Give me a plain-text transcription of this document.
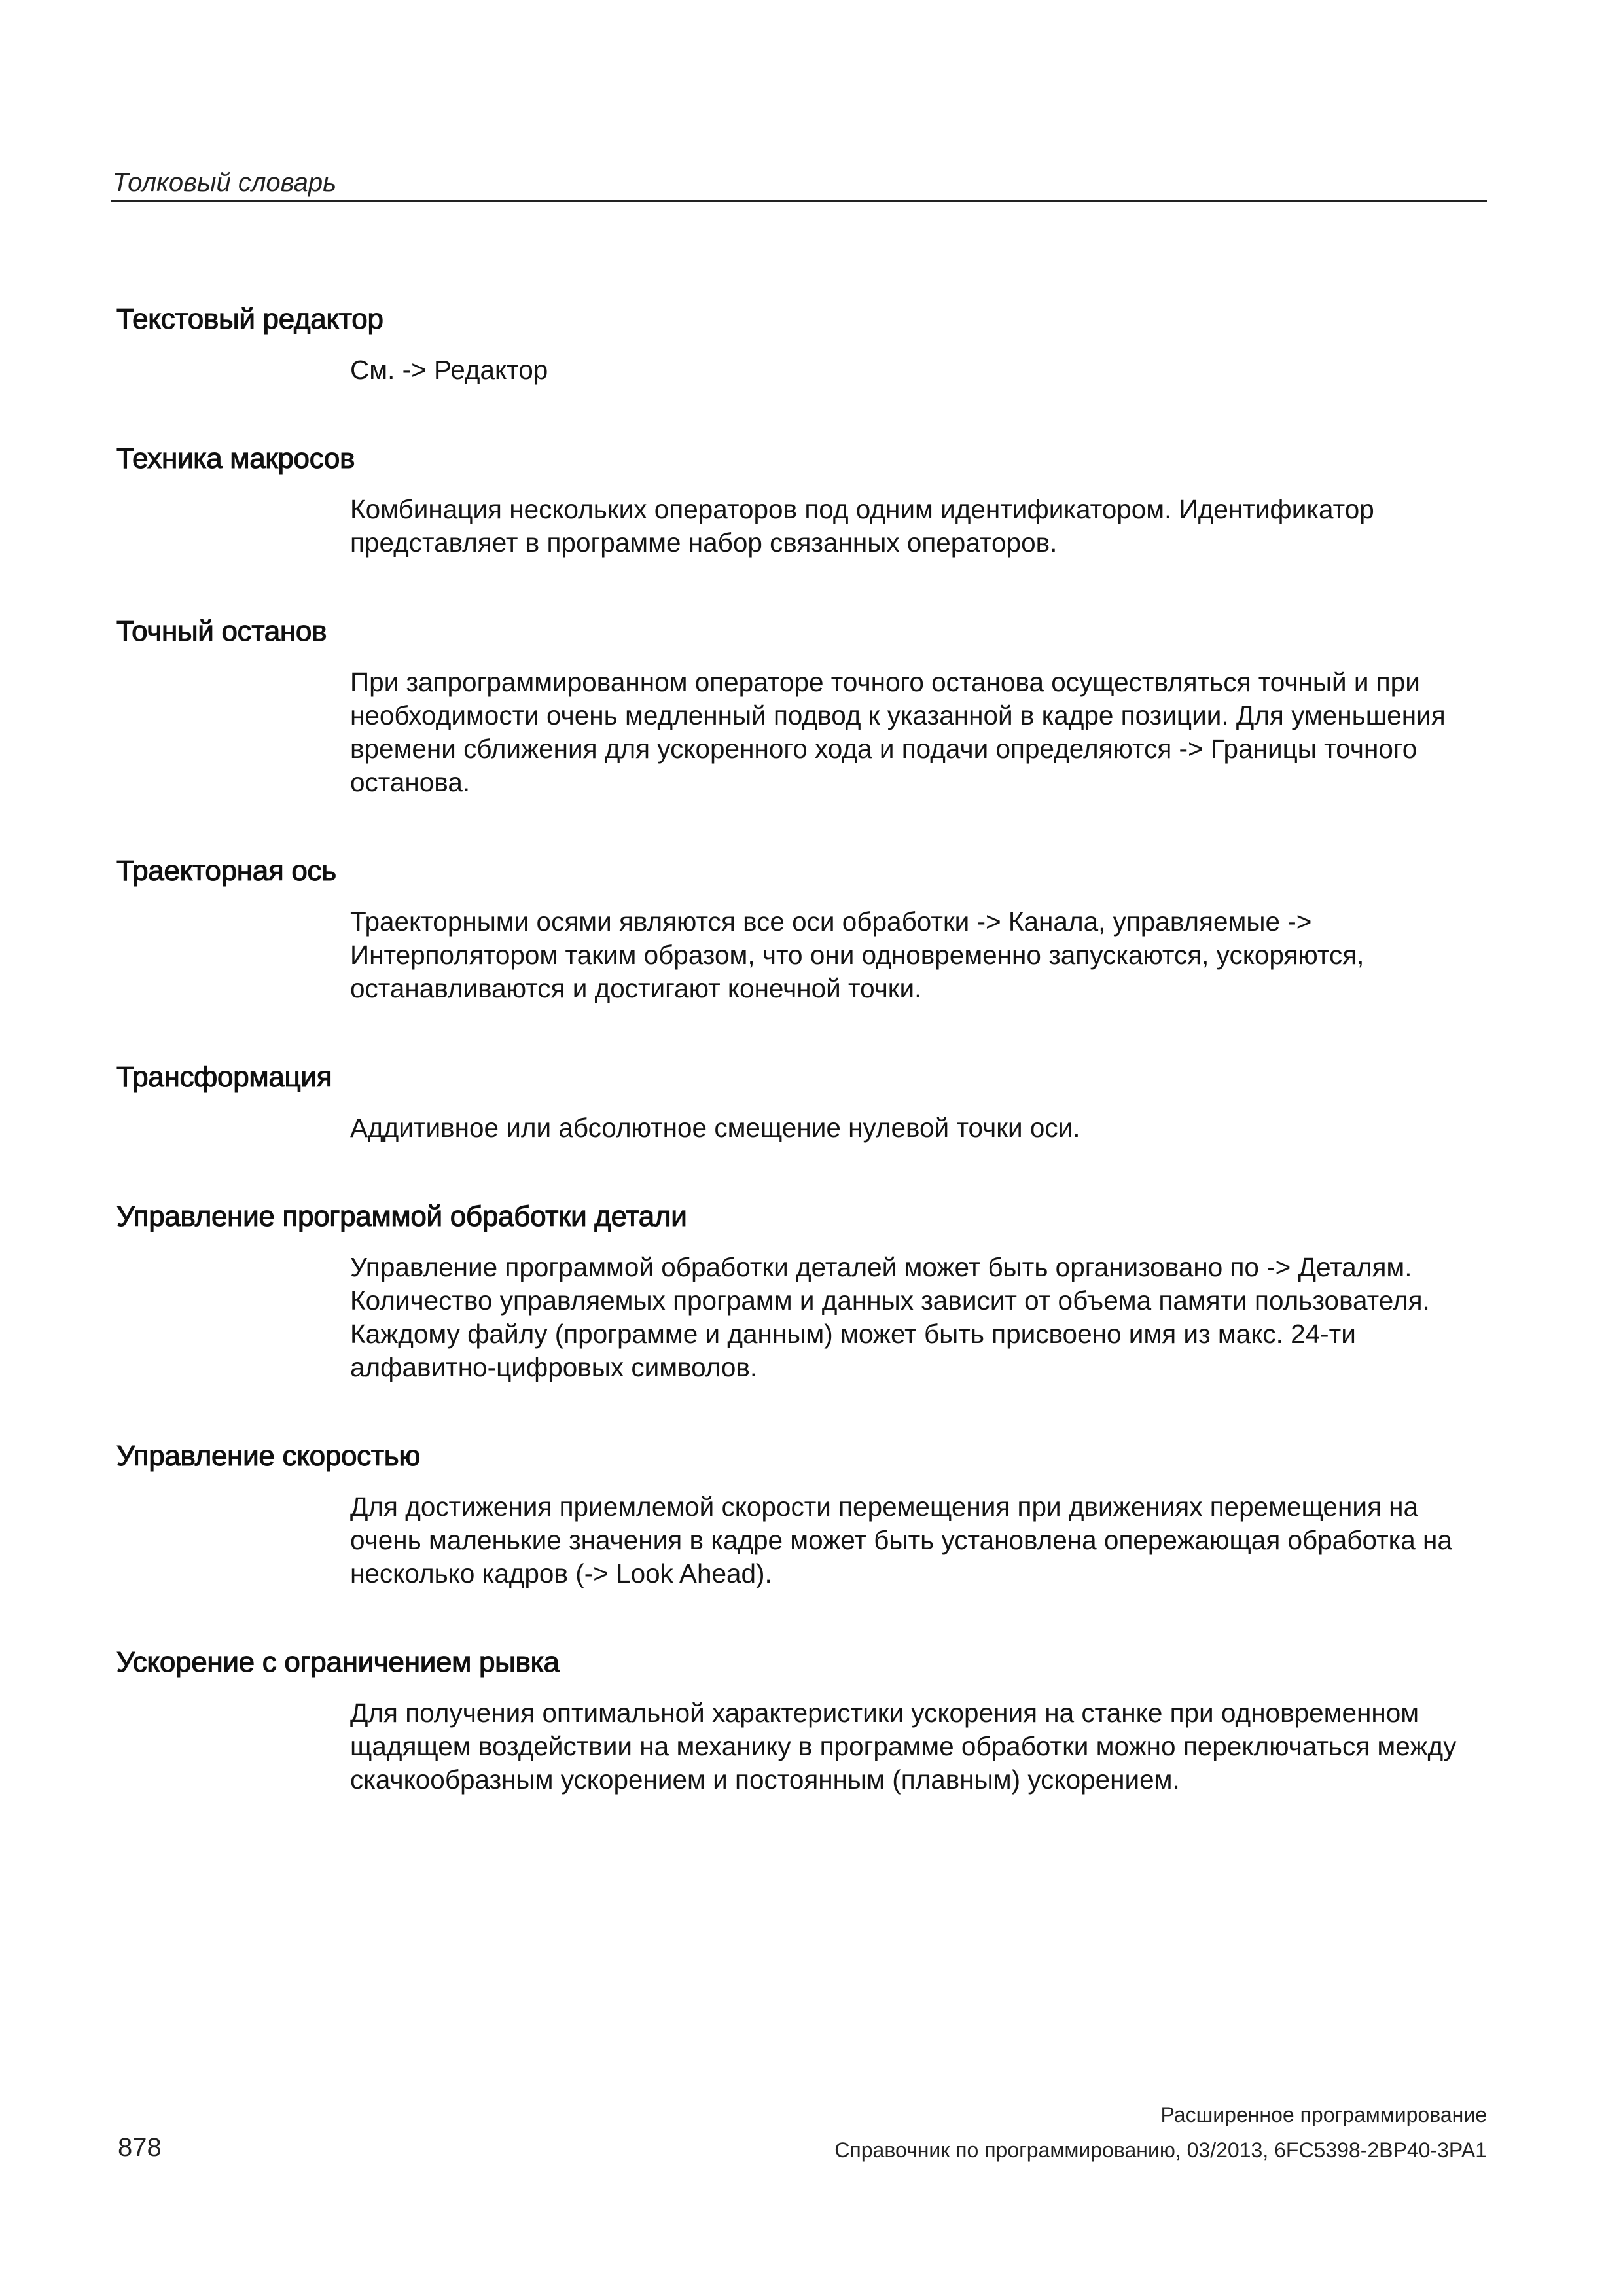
Толковый словарь
Текстовый редактор
См. -> Редактор
Техника макросов
Комбинация нескольких операторов под одним идентификатором. Идентификатор представляет в программе набор связанных операторов.
Точный останов
При запрограммированном операторе точного останова осуществляться точный и при необходимости очень медленный подвод к указанной в кадре позиции. Для уменьшения времени сближения для ускоренного хода и подачи определяются -> Границы точного останова.
Траекторная ось
Траекторными осями являются все оси обработки -> Канала, управляемые -> Интерполятором таким образом, что они одновременно запускаются, ускоряются, останавливаются и достигают конечной точки.
Трансформация
Аддитивное или абсолютное смещение нулевой точки оси.
Управление программой обработки детали
Управление программой обработки деталей может быть организовано по -> Деталям. Количество управляемых программ и данных зависит от объема памяти пользователя. Каждому файлу (программе и данным) может быть присвоено имя из макс. 24-ти алфавитно-цифровых символов.
Управление скоростью
Для достижения приемлемой скорости перемещения при движениях перемещения на очень маленькие значения в кадре может быть установлена опережающая обработка на несколько кадров (-> Look Ahead).
Ускорение с ограничением рывка
Для получения оптимальной характеристики ускорения на станке при одновременном щадящем воздействии на механику в программе обработки можно переключаться между скачкообразным ускорением и постоянным (плавным) ускорением.
Расширенное программирование
878	Справочник по программированию, 03/2013, 6FC5398-2BP40-3PA1
